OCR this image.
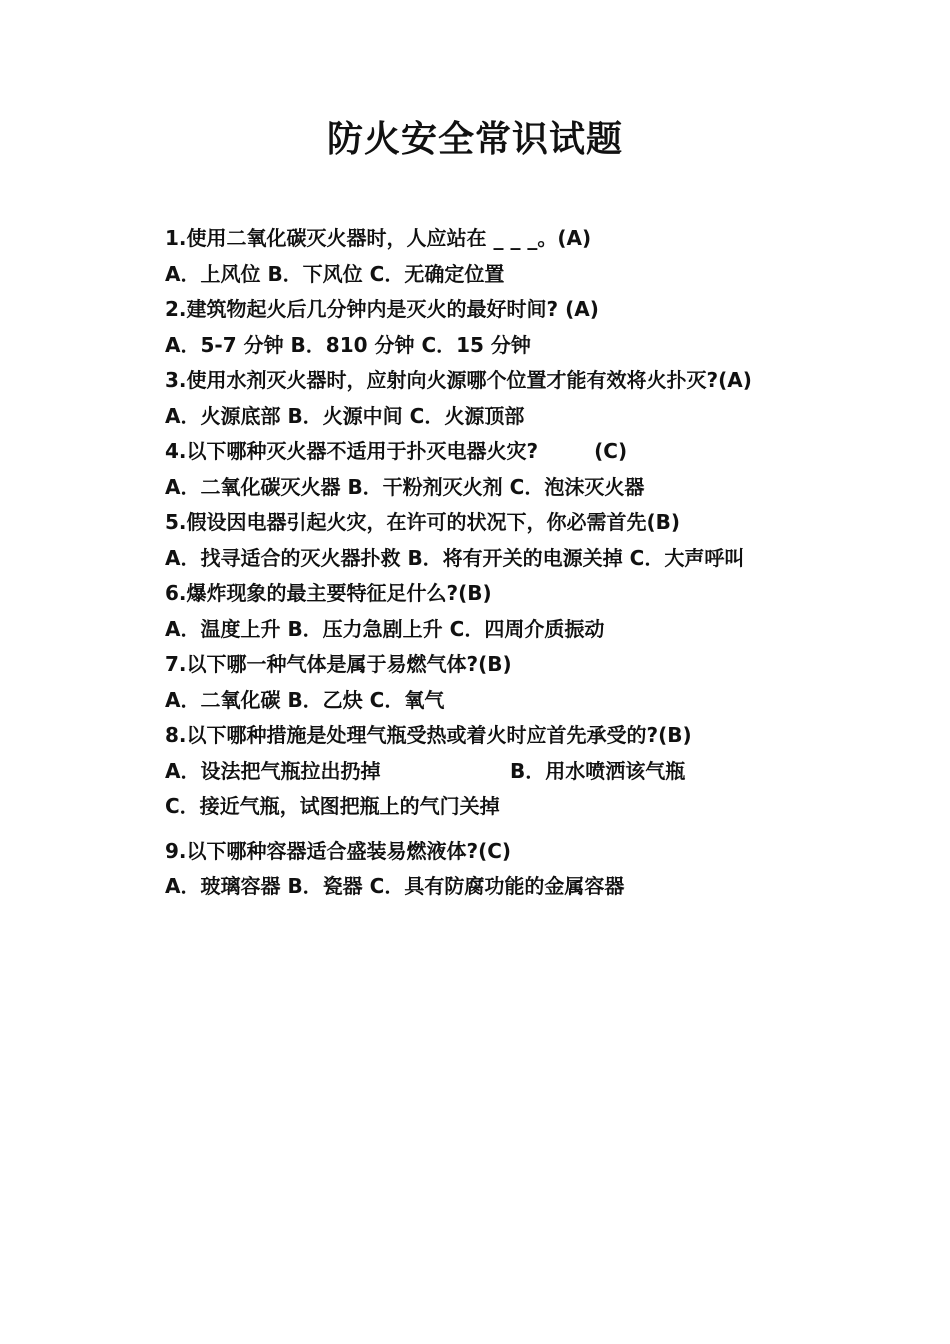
防火安全常识试题
1.使用二氧化碳灭火器时，人应站在 _ _ _。(A)
A．上风位 B．下风位 C．无确定位置
2.建筑物起火后几分钟内是灭火的最好时间? (A)
A．5-7 分钟 B．810 分钟 C．15 分钟
3.使用水剂灭火器时，应射向火源哪个位置才能有效将火扑灭?(A)
A．火源底部 B．火源中间 C．火源顶部
4.以下哪种灭火器不适用于扑灭电器火灾?	(C)
A．二氧化碳灭火器 B．干粉剂灭火剂 C．泡沫灭火器
5.假设因电器引起火灾，在许可的状况下，你必需首先(B)
A．找寻适合的灭火器扑救 B．将有开关的电源关掉 C．大声呼叫
6.爆炸现象的最主要特征足什么?(B)
A．温度上升 B．压力急剧上升 C．四周介质振动
7.以下哪一种气体是属于易燃气体?(B)
A．二氧化碳 B．乙炔 C．氧气
8.以下哪种措施是处理气瓶受热或着火时应首先承受的?(B)
A．设法把气瓶拉出扔掉	B．用水喷洒该气瓶
C．接近气瓶，试图把瓶上的气门关掉
9.以下哪种容器适合盛装易燃液体?(C)
A．玻璃容器 B．瓷器 C．具有防腐功能的金属容器
